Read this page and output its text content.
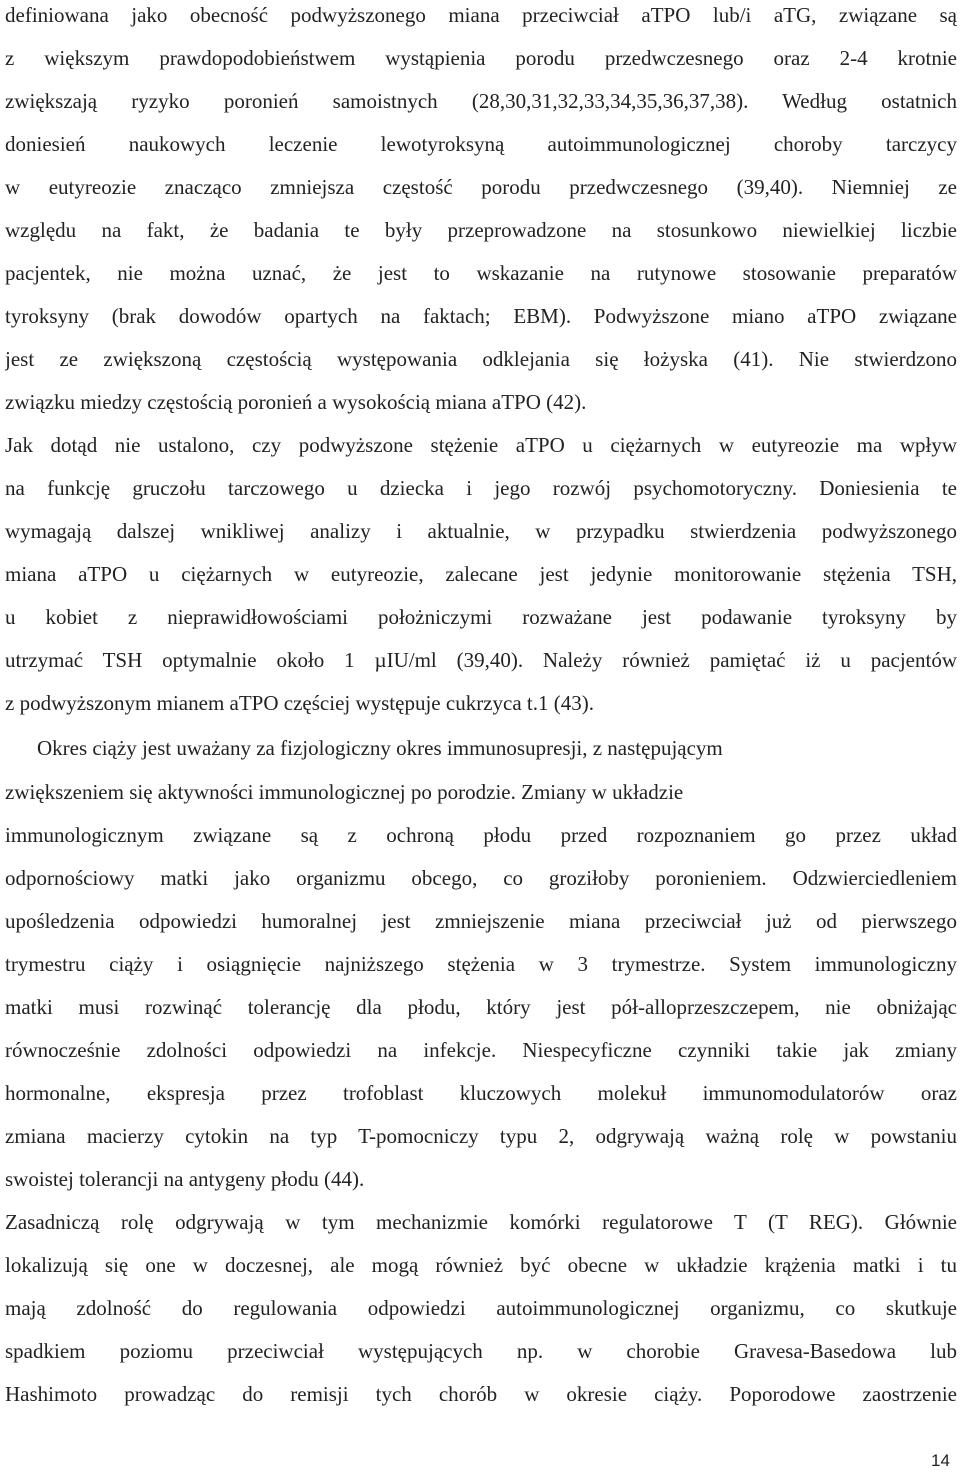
definiowana jako obecność podwyższonego miana przeciwciał aTPO lub/i aTG, związane są
z większym prawdopodobieństwem wystąpienia porodu przedwczesnego oraz 2-4 krotnie
zwiększają ryzyko poronień samoistnych (28,30,31,32,33,34,35,36,37,38). Według ostatnich
doniesień naukowych leczenie lewotyroksyną autoimmunologicznej choroby tarczycy
w eutyreozie znacząco zmniejsza częstość porodu przedwczesnego (39,40). Niemniej ze
względu na fakt, że badania te były przeprowadzone na stosunkowo niewielkiej liczbie
pacjentek, nie można uznać, że jest to wskazanie na rutynowe stosowanie preparatów
tyroksyny (brak dowodów opartych na faktach; EBM). Podwyższone miano aTPO związane
jest ze zwiększoną częstością występowania odklejania się łożyska (41). Nie stwierdzono
związku miedzy częstością poronień a wysokością miana aTPO (42).
Jak dotąd nie ustalono, czy podwyższone stężenie aTPO u ciężarnych w eutyreozie ma wpływ
na funkcję gruczołu tarczowego u dziecka i jego rozwój psychomotoryczny. Doniesienia te
wymagają dalszej wnikliwej analizy i aktualnie, w przypadku stwierdzenia podwyższonego
miana aTPO u ciężarnych w eutyreozie, zalecane jest jedynie monitorowanie stężenia TSH,
u kobiet z nieprawidłowościami położniczymi rozważane jest podawanie tyroksyny by
utrzymać TSH optymalnie około 1 µIU/ml (39,40). Należy również pamiętać iż u pacjentów
z podwyższonym mianem aTPO częściej występuje cukrzyca t.1 (43).
Okres ciąży jest uważany za fizjologiczny okres immunosupresji, z następującym
zwiększeniem się aktywności immunologicznej po porodzie. Zmiany w układzie
immunologicznym związane są z ochroną płodu przed rozpoznaniem go przez układ
odpornościowy matki jako organizmu obcego, co groziłoby poronieniem. Odzwierciedleniem
upośledzenia odpowiedzi humoralnej jest zmniejszenie miana przeciwciał już od pierwszego
trymestru ciąży i osiągnięcie najniższego stężenia w 3 trymestrze. System immunologiczny
matki musi rozwinąć tolerancję dla płodu, który jest pół-alloprzeszczepem, nie obniżając
równocześnie zdolności odpowiedzi na infekcje. Niespecyficzne czynniki takie jak zmiany
hormonalne, ekspresja przez trofoblast kluczowych molekuł immunomodulatorów oraz
zmiana macierzy cytokin na typ T-pomocniczy typu 2, odgrywają ważną rolę w powstaniu
swoistej tolerancji na antygeny płodu (44).
Zasadniczą rolę odgrywają w tym mechanizmie komórki regulatorowe T (T REG). Głównie
lokalizują się one w doczesnej, ale mogą również być obecne w układzie krążenia matki i tu
mają zdolność do regulowania odpowiedzi autoimmunologicznej organizmu, co skutkuje
spadkiem poziomu przeciwciał występujących np. w chorobie Gravesa-Basedowa lub
Hashimoto prowadząc do remisji tych chorób w okresie ciąży. Poporodowe zaostrzenie
14
